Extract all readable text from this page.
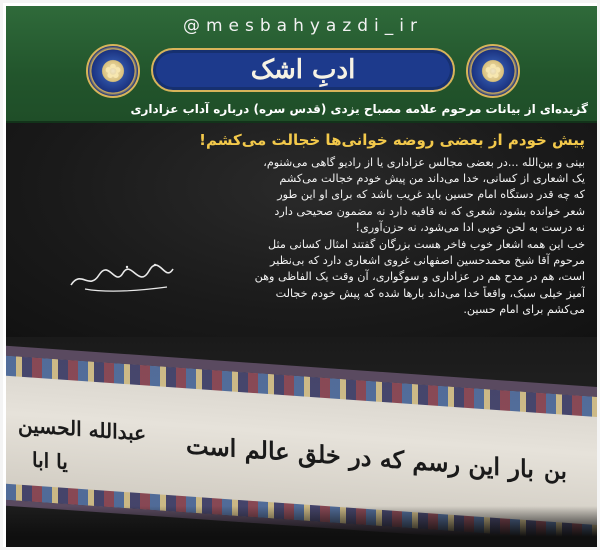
@mesbahyazdi_ir
✿	ادبِ اشک	✿
گزیده‌ای از بیانات مرحوم علامه مصباح یزدی (قدس سره) درباره آداب عزاداری
پیش خودم از بعضی روضه خوانی‌ها خجالت می‌کشم!
بینی و بین‌الله ...در بعضی مجالس عزاداری یا از رادیو گاهی می‌شنوم،
یک اشعاری از کسانی، خدا می‌داند من پیش خودم خجالت می‌کشم
که چه قدر دستگاه امام حسین باید غریب باشد که برای او این طور
شعر خوانده بشود، شعری که نه قافیه دارد نه مضمون صحیحی دارد
نه درست به لحن خوبی ادا می‌شود، نه حزن‌آوری!
خب این همه اشعار خوب فاخر هست بزرگان گفتند امثال کسانی مثل
مرحوم آقا شیخ محمدحسین اصفهانی غروی اشعاری دارد که بی‌نظیر
است، هم در مدح هم در عزاداری و سوگواری، آن وقت یک الفاظی وهن
آمیز خیلی سبک، واقعاً خدا می‌داند بارها شده که پیش خودم خجالت
می‌کشم برای امام حسین.
عبدالله الحسین
یا ابا	بار این رسم که در خلق عالم است بن
